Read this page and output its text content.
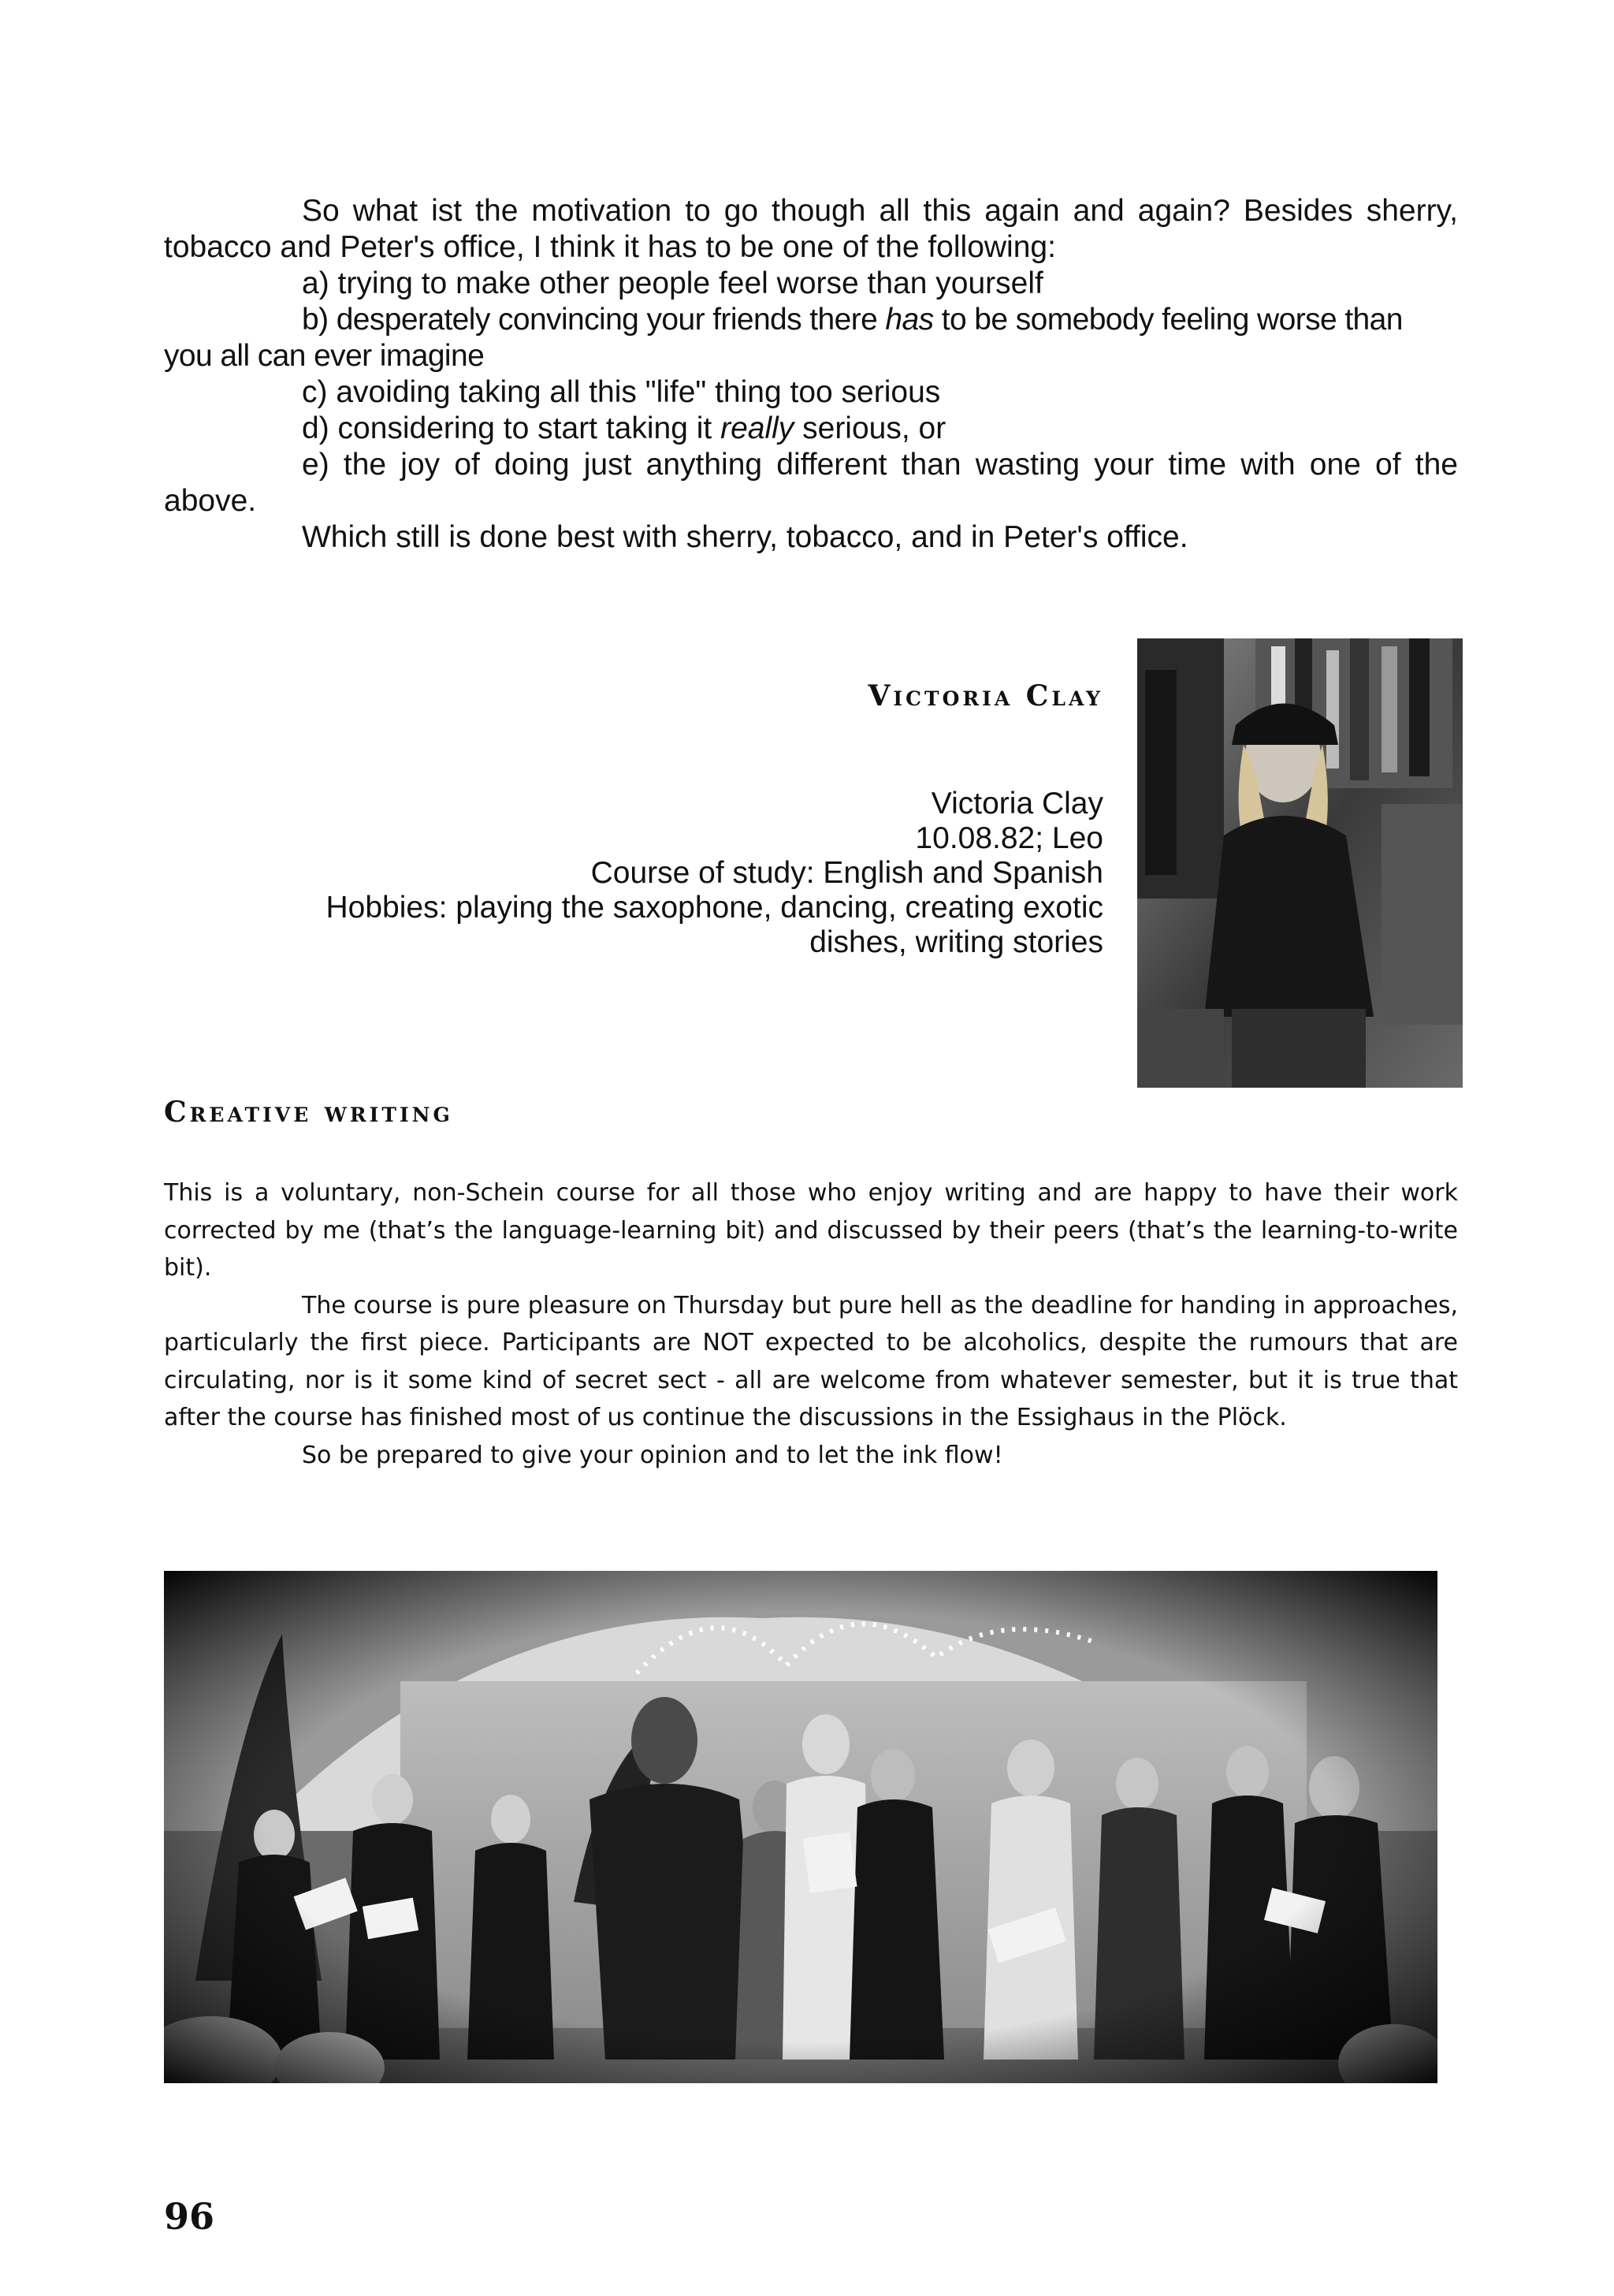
So what ist the motivation to go though all this again and again? Besides sherry, tobacco and Peter's office, I think it has to be one of the following:

a) trying to make other people feel worse than yourself

b) desperately convincing your friends there has to be somebody feeling worse than you all can ever imagine

c) avoiding taking all this "life" thing too serious

d) considering to start taking it really serious, or

e) the joy of doing just anything different than wasting your time with one of the above.

Which still is done best with sherry, tobacco, and in Peter's office.

Victoria Clay

Victoria Clay

10.08.82; Leo

Course of study: English and Spanish

Hobbies: playing the saxophone, dancing, creating exotic dishes, writing stories

Creative writing

This is a voluntary, non-Schein course for all those who enjoy writing and are happy to have their work corrected by me (that’s the language-learning bit) and discussed by their peers (that’s the learning-to-write bit).

The course is pure pleasure on Thursday but pure hell as the deadline for handing in approaches, particularly the first piece. Participants are NOT expected to be alcoholics, despite the rumours that are circulating, nor is it some kind of secret sect - all are welcome from whatever semester, but it is true that after the course has finished most of us continue the discussions in the Essighaus in the Plöck.

So be prepared to give your opinion and to let the ink flow!

96
